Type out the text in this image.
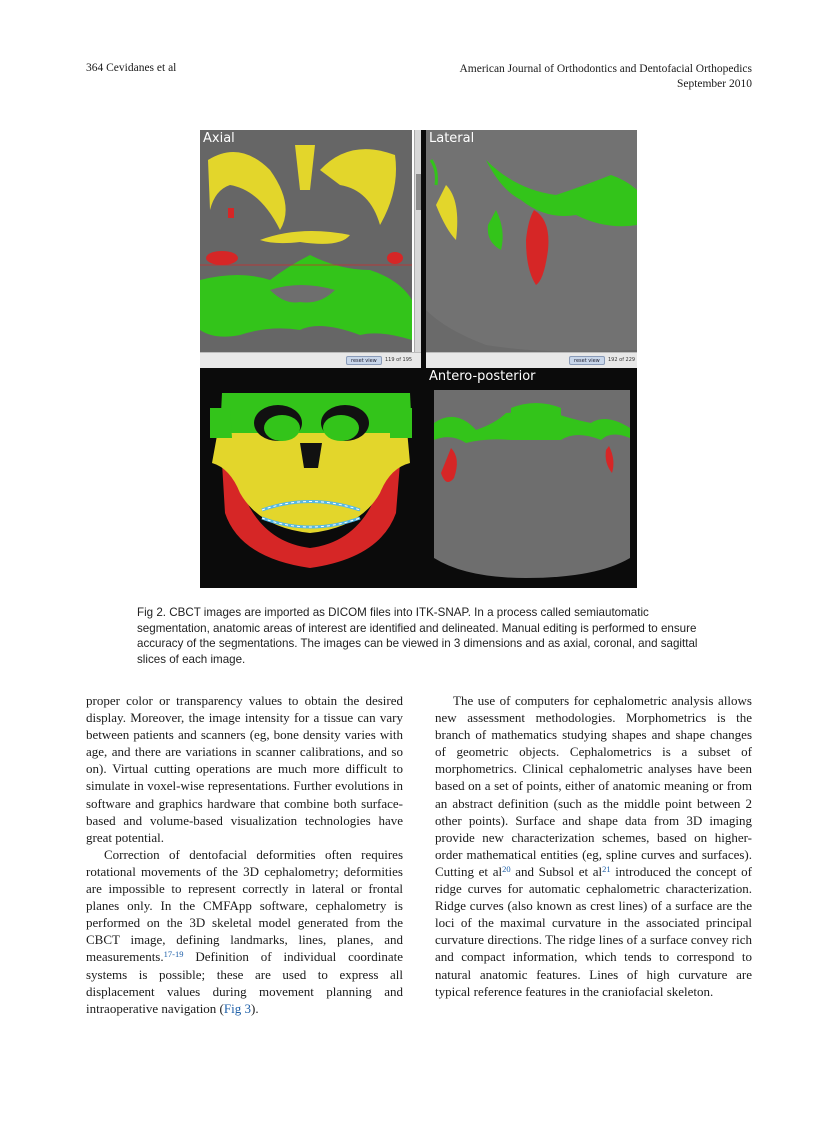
364 Cevidanes et al	American Journal of Orthodontics and Dentofacial Orthopedics
September 2010
Axial
reset view	119 of 195
Lateral
reset view	192 of 229
Antero-posterior
Fig 2. CBCT images are imported as DICOM files into ITK-SNAP. In a process called semiautomatic segmentation, anatomic areas of interest are identified and delineated. Manual editing is performed to ensure accuracy of the segmentations. The images can be viewed in 3 dimensions and as axial, coronal, and sagittal slices of each image.

proper color or transparency values to obtain the desired display. Moreover, the image intensity for a tissue can vary between patients and scanners (eg, bone density varies with age, and there are variations in scanner calibrations, and so on). Virtual cutting operations are much more difficult to simulate in voxel-wise representations. Further evolutions in software and graphics hardware that combine both surface-based and volume-based visualization technologies have great potential.

Correction of dentofacial deformities often requires rotational movements of the 3D cephalometry; deformities are impossible to represent correctly in lateral or frontal planes only. In the CMFApp software, cephalometry is performed on the 3D skeletal model generated from the CBCT image, defining landmarks, lines, planes, and measurements.$^{17-19}$ Definition of individual coordinate systems is possible; these are used to express all displacement values during movement planning and intraoperative navigation (Fig 3).

The use of computers for cephalometric analysis allows new assessment methodologies. Morphometrics is the branch of mathematics studying shapes and shape changes of geometric objects. Cephalometrics is a subset of morphometrics. Clinical cephalometric analyses have been based on a set of points, either of anatomic meaning or from an abstract definition (such as the middle point between 2 other points). Surface and shape data from 3D imaging provide new characterization schemes, based on higher-order mathematical entities (eg, spline curves and surfaces). Cutting et $al^{20}$ and Subsol et $al^{21}$ introduced the concept of ridge curves for automatic cephalometric characterization. Ridge curves (also known as crest lines) of a surface are the loci of the maximal curvature in the associated principal curvature directions. The ridge lines of a surface convey rich and compact information, which tends to correspond to natural anatomic features. Lines of high curvature are typical reference features in the craniofacial skeleton.
